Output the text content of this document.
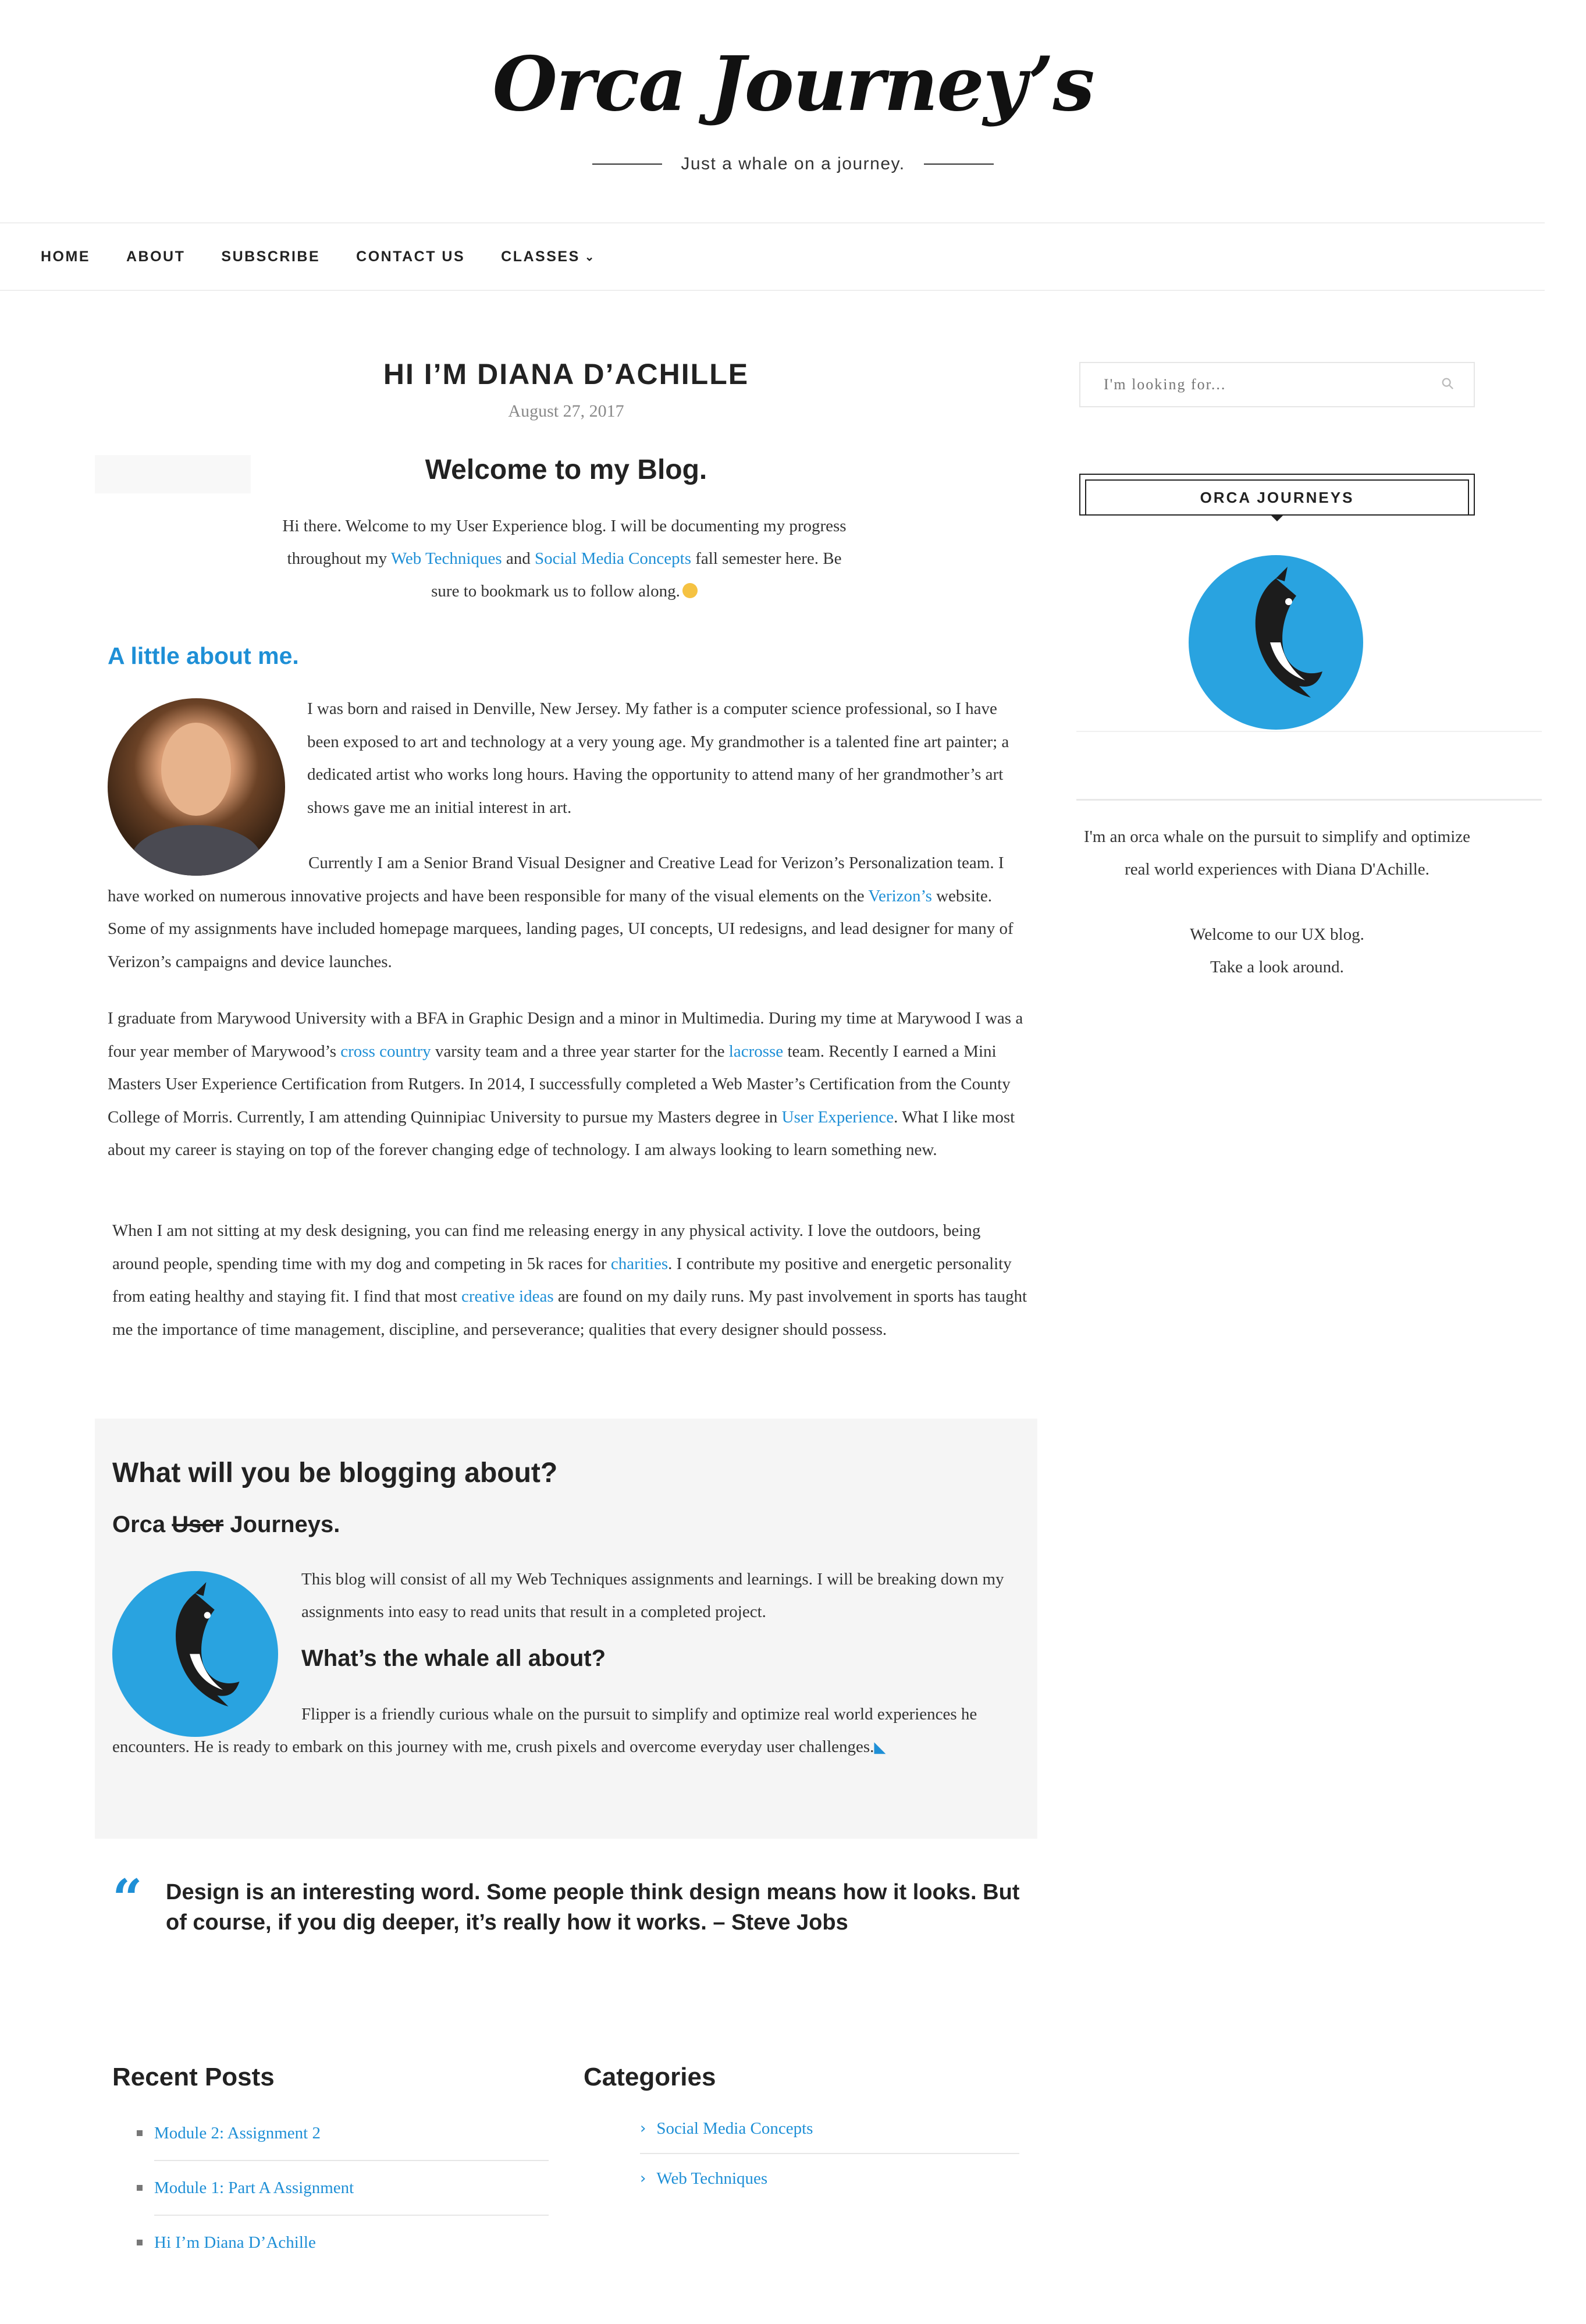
Orca Journey’s
Just a whale on a journey.
HOME ABOUT SUBSCRIBE CONTACT US CLASSES ⌄
HI I’M DIANA D’ACHILLE
August 27, 2017
Welcome to my Blog.
Hi there. Welcome to my User Experience blog. I will be documenting my progress throughout my Web Techniques and Social Media Concepts fall semester here. Be sure to bookmark us to follow along.
A little about me.
I was born and raised in Denville, New Jersey. My father is a computer science professional, so I have been exposed to art and technology at a very young age. My grandmother is a talented fine art painter; a dedicated artist who works long hours. Having the opportunity to attend many of her grandmother’s art shows gave me an initial interest in art.
Currently I am a Senior Brand Visual Designer and Creative Lead for Verizon’s Personalization team. I have worked on numerous innovative projects and have been responsible for many of the visual elements on the Verizon’s website. Some of my assignments have included homepage marquees, landing pages, UI concepts, UI redesigns, and lead designer for many of Verizon’s campaigns and device launches.
I graduate from Marywood University with a BFA in Graphic Design and a minor in Multimedia. During my time at Marywood I was a four year member of Marywood’s cross country varsity team and a three year starter for the lacrosse team. Recently I earned a Mini Masters User Experience Certification from Rutgers. In 2014, I successfully completed a Web Master’s Certification from the County College of Morris. Currently, I am attending Quinnipiac University to pursue my Masters degree in User Experience. What I like most about my career is staying on top of the forever changing edge of technology. I am always looking to learn something new.
When I am not sitting at my desk designing, you can find me releasing energy in any physical activity. I love the outdoors, being around people, spending time with my dog and competing in 5k races for charities. I contribute my positive and energetic personality from eating healthy and staying fit. I find that most creative ideas are found on my daily runs. My past involvement in sports has taught me the importance of time management, discipline, and perseverance; qualities that every designer should possess.
What will you be blogging about?
Orca User Journeys.
This blog will consist of all my Web Techniques assignments and learnings. I will be breaking down my assignments into easy to read units that result in a completed project.
What’s the whale all about?
Flipper is a friendly curious whale on the pursuit to simplify and optimize real world experiences he encounters. He is ready to embark on this journey with me, crush pixels and overcome everyday user challenges.◣
“ Design is an interesting word. Some people think design means how it looks. But of course, if you dig deeper, it’s really how it works. – Steve Jobs
Recent Posts
Module 2: Assignment 2
Module 1: Part A Assignment
Hi I’m Diana D’Achille
Categories
› Social Media Concepts
› Web Techniques
I'm looking for...
ORCA JOURNEYS
I'm an orca whale on the pursuit to simplify and optimize real world experiences with Diana D'Achille.
Welcome to our UX blog.
Take a look around.
